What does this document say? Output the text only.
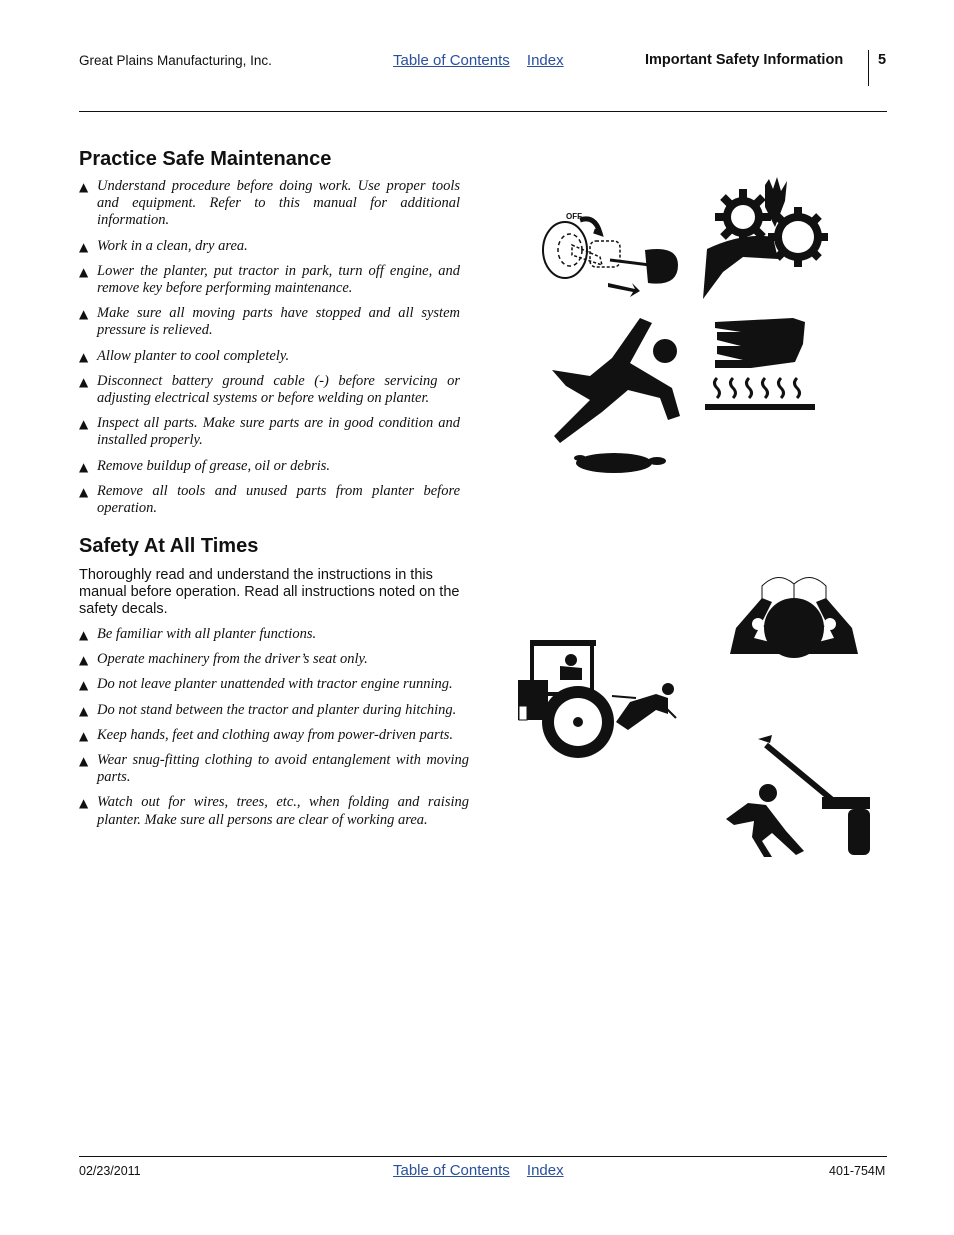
Great Plains Manufacturing, Inc.	Table of Contents Index	Important Safety Information 5
Practice Safe Maintenance
▲ Understand procedure before doing work. Use proper tools and equipment. Refer to this manual for additional information.
▲ Work in a clean, dry area.
▲ Lower the planter, put tractor in park, turn off engine, and remove key before performing maintenance.
▲ Make sure all moving parts have stopped and all system pressure is relieved.
▲ Allow planter to cool completely.
▲ Disconnect battery ground cable (-) before servicing or adjusting electrical systems or before welding on planter.
▲ Inspect all parts. Make sure parts are in good condition and installed properly.
▲ Remove buildup of grease, oil or debris.
▲ Remove all tools and unused parts from planter before operation.
Safety At All Times

Thoroughly read and understand the instructions in this manual before operation. Read all instructions noted on the safety decals.

▲ Be familiar with all planter functions.
▲ Operate machinery from the driver’s seat only.
▲ Do not leave planter unattended with tractor engine running.
▲ Do not stand between the tractor and planter during hitching.
▲ Keep hands, feet and clothing away from power-driven parts.
▲ Wear snug-fitting clothing to avoid entanglement with moving parts.
▲ Watch out for wires, trees, etc., when folding and raising planter. Make sure all persons are clear of working area.
OFF
02/23/2011	Table of Contents Index	401-754M
